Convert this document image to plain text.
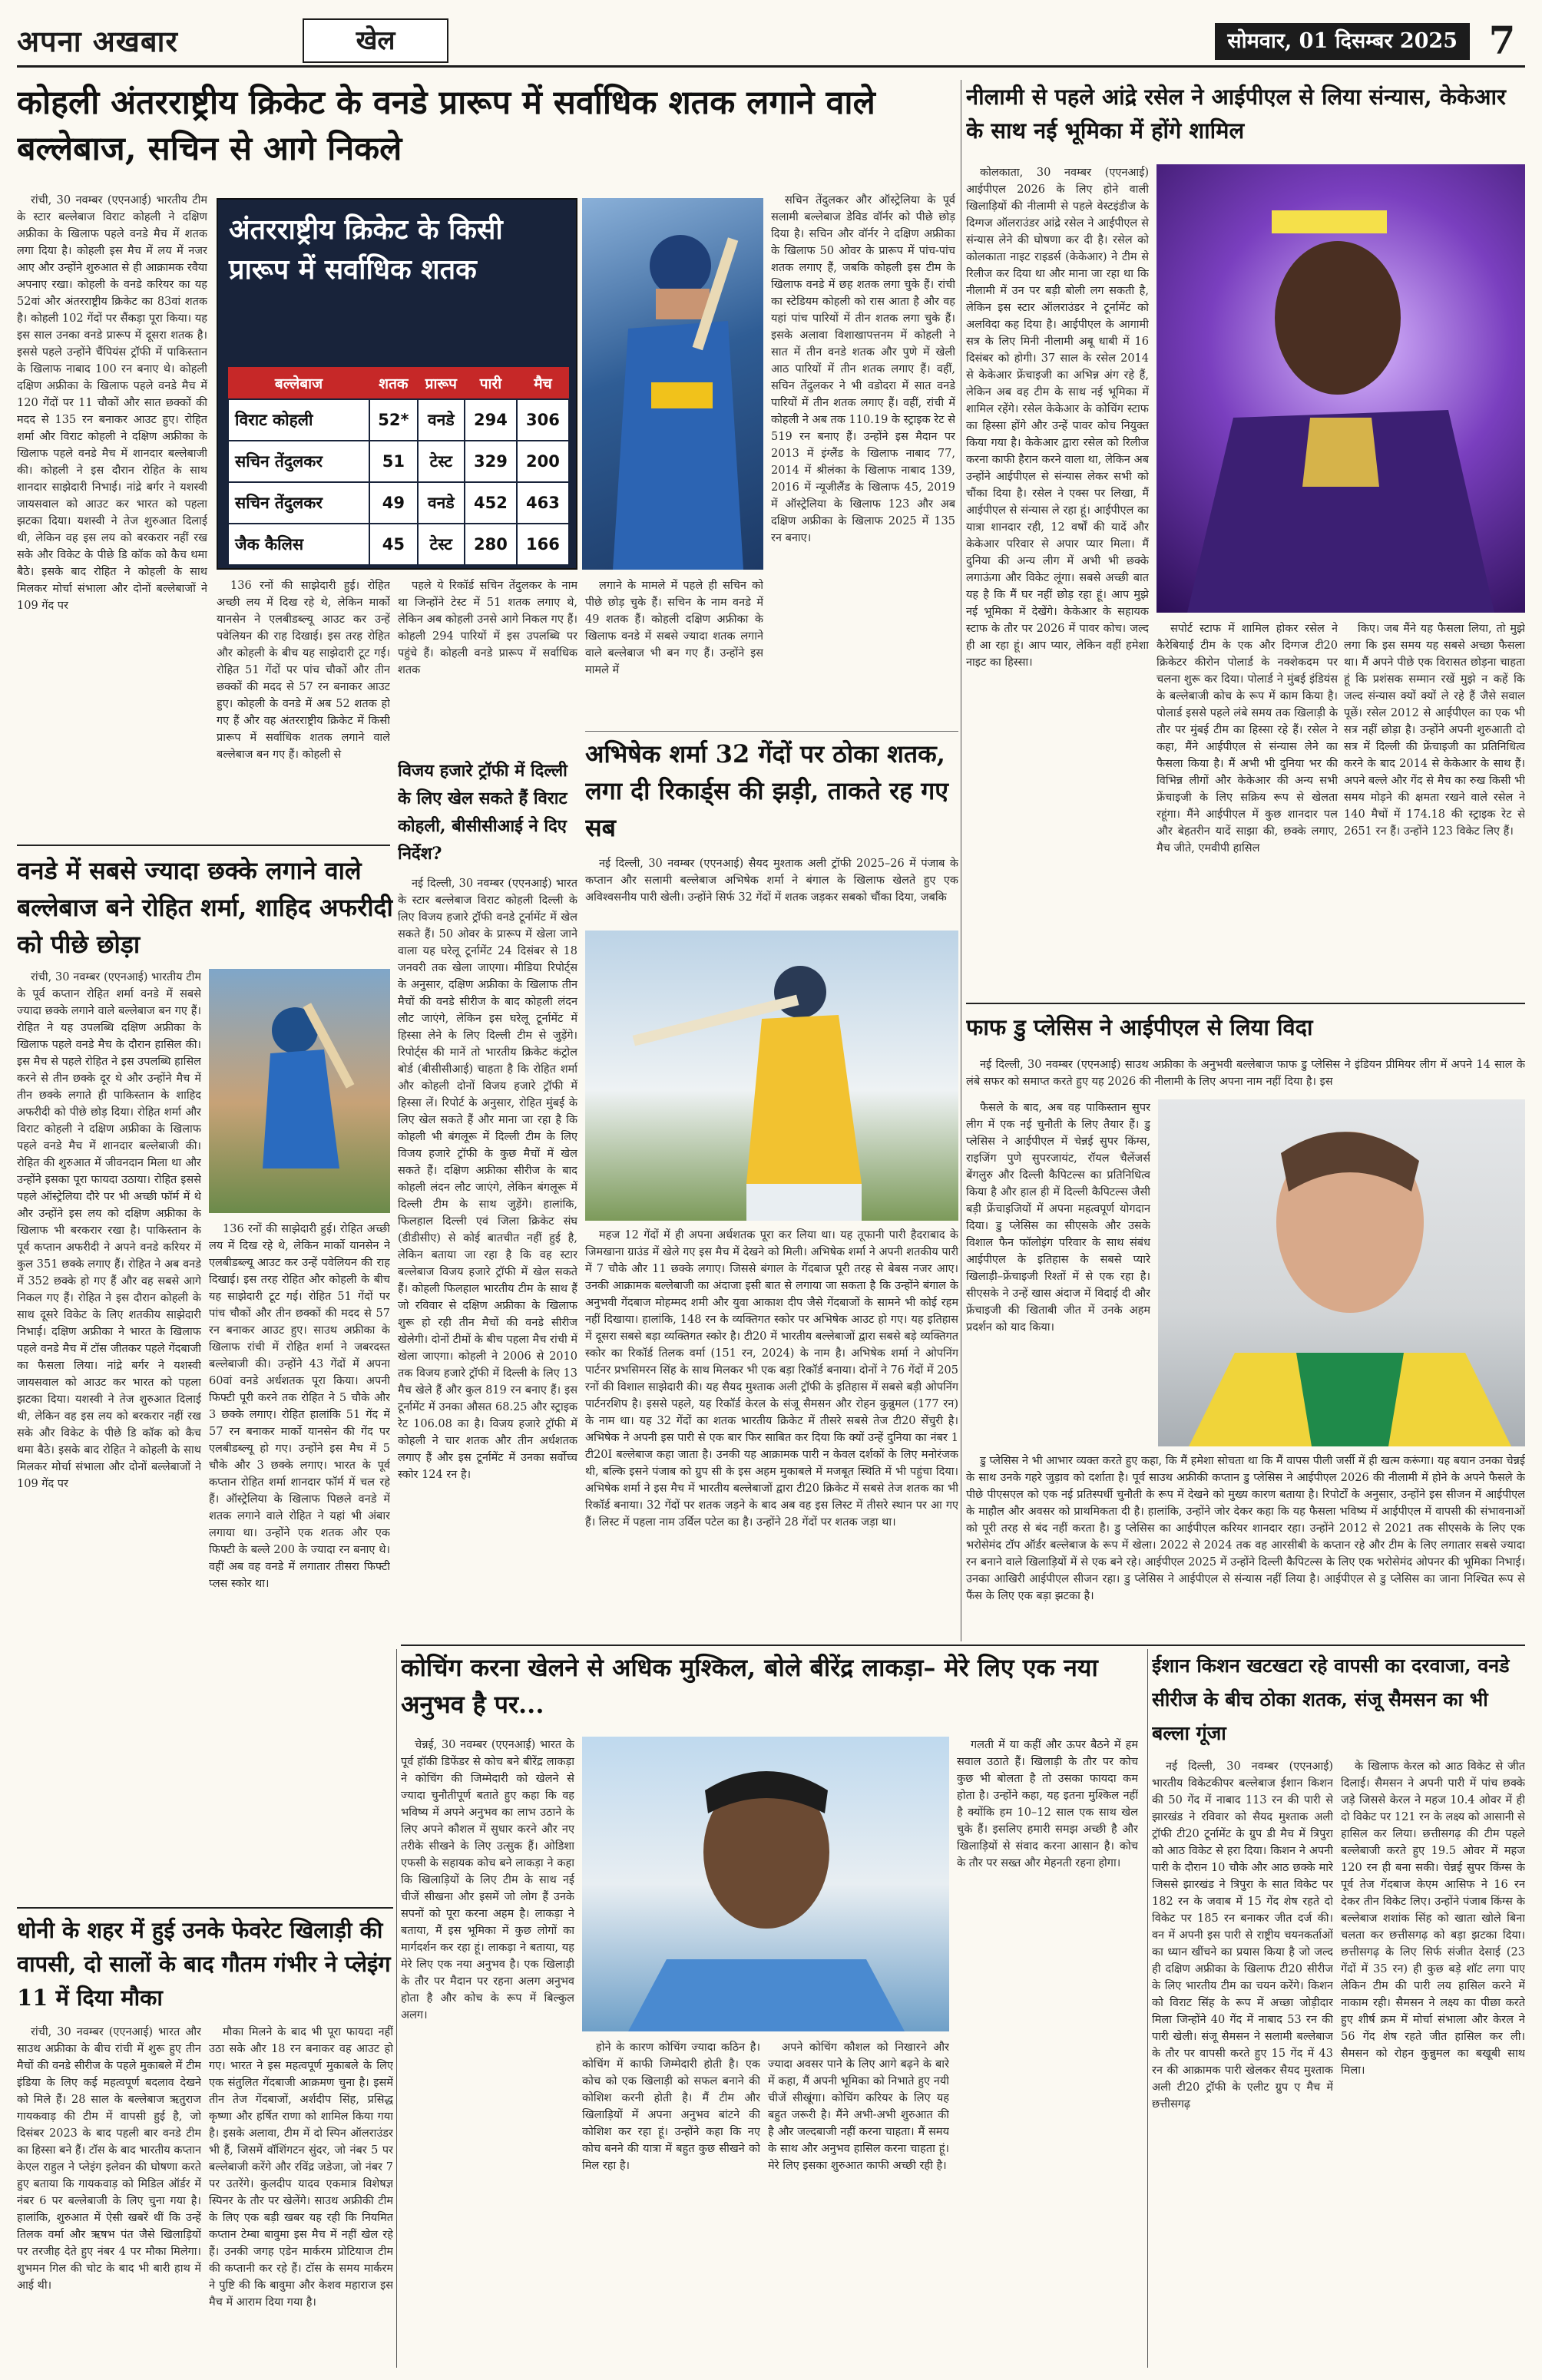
अपना अखबार	खेल	सोमवार, 01 दिसम्बर 2025 7
कोहली अंतरराष्ट्रीय क्रिकेट के वनडे प्रारूप में सर्वाधिक शतक लगाने वाले बल्लेबाज, सचिन से आगे निकले

रांची, 30 नवम्बर (एएनआई) भारतीय टीम के स्टार बल्लेबाज विराट कोहली ने दक्षिण अफ्रीका के खिलाफ पहले वनडे मैच में शतक लगा दिया है। कोहली इस मैच में लय में नजर आए और उन्होंने शुरुआत से ही आक्रामक रवैया अपनाए रखा। कोहली के वनडे करियर का यह 52वां और अंतरराष्ट्रीय क्रिकेट का 83वां शतक है। कोहली 102 गेंदों पर सैंकड़ा पूरा किया। यह इस साल उनका वनडे प्रारूप में दूसरा शतक है। इससे पहले उन्होंने चैंपियंस ट्रॉफी में पाकिस्तान के खिलाफ नाबाद 100 रन बनाए थे। कोहली दक्षिण अफ्रीका के खिलाफ पहले वनडे मैच में 120 गेंदों पर 11 चौकों और सात छक्कों की मदद से 135 रन बनाकर आउट हुए। रोहित शर्मा और विराट कोहली ने दक्षिण अफ्रीका के खिलाफ पहले वनडे मैच में शानदार बल्लेबाजी की। कोहली ने इस दौरान रोहित के साथ शानदार साझेदारी निभाई। नांद्रे बर्गर ने यशस्वी जायसवाल को आउट कर भारत को पहला झटका दिया। यशस्वी ने तेज शुरुआत दिलाई थी, लेकिन वह इस लय को बरकरार नहीं रख सके और विकेट के पीछे डि कॉक को कैच थमा बैठे। इसके बाद रोहित ने कोहली के साथ मिलकर मोर्चा संभाला और दोनों बल्लेबाजों ने 109 गेंद पर

अंतरराष्ट्रीय क्रिकेट के किसी प्रारूप में सर्वाधिक शतक
बल्लेबाज	शतक	प्रारूप	पारी	मैच
विराट कोहली	52*	वनडे	294	306
सचिन तेंदुलकर	51	टेस्ट	329	200
सचिन तेंदुलकर	49	वनडे	452	463
जैक कैलिस	45	टेस्ट	280	166

सचिन तेंदुलकर और ऑस्ट्रेलिया के पूर्व सलामी बल्लेबाज डेविड वॉर्नर को पीछे छोड़ दिया है। सचिन और वॉर्नर ने दक्षिण अफ्रीका के खिलाफ 50 ओवर के प्रारूप में पांच-पांच शतक लगाए हैं, जबकि कोहली इस टीम के खिलाफ वनडे में छह शतक लगा चुके हैं। रांची का स्टेडियम कोहली को रास आता है और वह यहां पांच पारियों में तीन शतक लगा चुके हैं। इसके अलावा विशाखापत्तनम में कोहली ने सात में तीन वनडे शतक और पुणे में खेली आठ पारियों में तीन शतक लगाए हैं। वहीं, सचिन तेंदुलकर ने भी वडोदरा में सात वनडे पारियों में तीन शतक लगाए हैं। वहीं, रांची में कोहली ने अब तक 110.19 के स्ट्राइक रेट से 519 रन बनाए हैं। उन्होंने इस मैदान पर 2013 में इंग्लैंड के खिलाफ नाबाद 77, 2014 में श्रीलंका के खिलाफ नाबाद 139, 2016 में न्यूजीलैंड के खिलाफ 45, 2019 में ऑस्ट्रेलिया के खिलाफ 123 और अब दक्षिण अफ्रीका के खिलाफ 2025 में 135 रन बनाए।

136 रनों की साझेदारी हुई। रोहित अच्छी लय में दिख रहे थे, लेकिन मार्को यानसेन ने एलबीडब्ल्यू आउट कर उन्हें पवेलियन की राह दिखाई। इस तरह रोहित और कोहली के बीच यह साझेदारी टूट गई। रोहित 51 गेंदों पर पांच चौकों और तीन छक्कों की मदद से 57 रन बनाकर आउट हुए। कोहली के वनडे में अब 52 शतक हो गए हैं और वह अंतरराष्ट्रीय क्रिकेट में किसी प्रारूप में सर्वाधिक शतक लगाने वाले बल्लेबाज बन गए हैं। कोहली से

पहले ये रिकॉर्ड सचिन तेंदुलकर के नाम था जिन्होंने टेस्ट में 51 शतक लगाए थे, लेकिन अब कोहली उनसे आगे निकल गए हैं। कोहली 294 पारियों में इस उपलब्धि पर पहुंचे हैं। कोहली वनडे प्रारूप में सर्वाधिक शतक

लगाने के मामले में पहले ही सचिन को पीछे छोड़ चुके हैं। सचिन के नाम वनडे में 49 शतक हैं। कोहली दक्षिण अफ्रीका के खिलाफ वनडे में सबसे ज्यादा शतक लगाने वाले बल्लेबाज भी बन गए हैं। उन्होंने इस मामले में

वनडे में सबसे ज्यादा छक्के लगाने वाले बल्लेबाज बने रोहित शर्मा, शाहिद अफरीदी को पीछे छोड़ा

रांची, 30 नवम्बर (एएनआई) भारतीय टीम के पूर्व कप्तान रोहित शर्मा वनडे में सबसे ज्यादा छक्के लगाने वाले बल्लेबाज बन गए हैं। रोहित ने यह उपलब्धि दक्षिण अफ्रीका के खिलाफ पहले वनडे मैच के दौरान हासिल की। इस मैच से पहले रोहित ने इस उपलब्धि हासिल करने से तीन छक्के दूर थे और उन्होंने मैच में तीन छक्के लगाते ही पाकिस्तान के शाहिद अफरीदी को पीछे छोड़ दिया। रोहित शर्मा और विराट कोहली ने दक्षिण अफ्रीका के खिलाफ पहले वनडे मैच में शानदार बल्लेबाजी की। रोहित की शुरुआत में जीवनदान मिला था और उन्होंने इसका पूरा फायदा उठाया। रोहित इससे पहले ऑस्ट्रेलिया दौरे पर भी अच्छी फॉर्म में थे और उन्होंने इस लय को दक्षिण अफ्रीका के खिलाफ भी बरकरार रखा है। पाकिस्तान के पूर्व कप्तान अफरीदी ने अपने वनडे करियर में कुल 351 छक्के लगाए हैं। रोहित ने अब वनडे में 352 छक्के हो गए हैं और वह सबसे आगे निकल गए हैं। रोहित ने इस दौरान कोहली के साथ दूसरे विकेट के लिए शतकीय साझेदारी निभाई। दक्षिण अफ्रीका ने भारत के खिलाफ पहले वनडे मैच में टॉस जीतकर पहले गेंदबाजी का फैसला लिया। नांद्रे बर्गर ने यशस्वी जायसवाल को आउट कर भारत को पहला झटका दिया। यशस्वी ने तेज शुरुआत दिलाई थी, लेकिन वह इस लय को बरकरार नहीं रख सके और विकेट के पीछे डि कॉक को कैच थमा बैठे। इसके बाद रोहित ने कोहली के साथ मिलकर मोर्चा संभाला और दोनों बल्लेबाजों ने 109 गेंद पर

136 रनों की साझेदारी हुई। रोहित अच्छी लय में दिख रहे थे, लेकिन मार्को यानसेन ने एलबीडब्ल्यू आउट कर उन्हें पवेलियन की राह दिखाई। इस तरह रोहित और कोहली के बीच यह साझेदारी टूट गई। रोहित 51 गेंदों पर पांच चौकों और तीन छक्कों की मदद से 57 रन बनाकर आउट हुए। साउथ अफ्रीका के खिलाफ रांची में रोहित शर्मा ने जबरदस्त बल्लेबाजी की। उन्होंने 43 गेंदों में अपना 60वां वनडे अर्धशतक पूरा किया। अपनी फिफ्टी पूरी करने तक रोहित ने 5 चौके और 3 छक्के लगाए। रोहित हालांकि 51 गेंद में 57 रन बनाकर मार्को यानसेन की गेंद पर एलबीडब्ल्यू हो गए। उन्होंने इस मैच में 5 चौके और 3 छक्के लगाए। भारत के पूर्व कप्तान रोहित शर्मा शानदार फॉर्म में चल रहे हैं। ऑस्ट्रेलिया के खिलाफ पिछले वनडे में शतक लगाने वाले रोहित ने यहां भी अंबार लगाया था। उन्होंने एक शतक और एक फिफ्टी के बल्ले 200 के ज्यादा रन बनाए थे। वहीं अब वह वनडे में लगातार तीसरा फिफ्टी प्लस स्कोर था।

विजय हजारे ट्रॉफी में दिल्ली के लिए खेल सकते हैं विराट कोहली, बीसीसीआई ने दिए निर्देश?

नई दिल्ली, 30 नवम्बर (एएनआई) भारत के स्टार बल्लेबाज विराट कोहली दिल्ली के लिए विजय हजारे ट्रॉफी वनडे टूर्नामेंट में खेल सकते हैं। 50 ओवर के प्रारूप में खेला जाने वाला यह घरेलू टूर्नामेंट 24 दिसंबर से 18 जनवरी तक खेला जाएगा। मीडिया रिपोर्ट्स के अनुसार, दक्षिण अफ्रीका के खिलाफ तीन मैचों की वनडे सीरीज के बाद कोहली लंदन लौट जाएंगे, लेकिन इस घरेलू टूर्नामेंट में हिस्सा लेने के लिए दिल्ली टीम से जुड़ेंगे। रिपोर्ट्स की मानें तो भारतीय क्रिकेट कंट्रोल बोर्ड (बीसीसीआई) चाहता है कि रोहित शर्मा और कोहली दोनों विजय हजारे ट्रॉफी में हिस्सा लें। रिपोर्ट के अनुसार, रोहित मुंबई के लिए खेल सकते हैं और माना जा रहा है कि कोहली भी बंगलूरू में दिल्ली टीम के लिए विजय हजारे ट्रॉफी के कुछ मैचों में खेल सकते हैं। दक्षिण अफ्रीका सीरीज के बाद कोहली लंदन लौट जाएंगे, लेकिन बंगलूरू में दिल्ली टीम के साथ जुड़ेंगे। हालांकि, फिलहाल दिल्ली एवं जिला क्रिकेट संघ (डीडीसीए) से कोई बातचीत नहीं हुई है, लेकिन बताया जा रहा है कि वह स्टार बल्लेबाज विजय हजारे ट्रॉफी में खेल सकते हैं। कोहली फिलहाल भारतीय टीम के साथ हैं जो रविवार से दक्षिण अफ्रीका के खिलाफ शुरू हो रही तीन मैचों की वनडे सीरीज खेलेगी। दोनों टीमों के बीच पहला मैच रांची में खेला जाएगा। कोहली ने 2006 से 2010 तक विजय हजारे ट्रॉफी में दिल्ली के लिए 13 मैच खेले हैं और कुल 819 रन बनाए हैं। इस टूर्नामेंट में उनका औसत 68.25 और स्ट्राइक रेट 106.08 का है। विजय हजारे ट्रॉफी में कोहली ने चार शतक और तीन अर्धशतक लगाए हैं और इस टूर्नामेंट में उनका सर्वोच्च स्कोर 124 रन है।

अभिषेक शर्मा 32 गेंदों पर ठोका शतक, लगा दी रिकार्ड्स की झड़ी, ताकते रह गए सब

नई दिल्ली, 30 नवम्बर (एएनआई) सैयद मुश्ताक अली ट्रॉफी 2025–26 में पंजाब के कप्तान और सलामी बल्लेबाज अभिषेक शर्मा ने बंगाल के खिलाफ खेलते हुए एक अविश्वसनीय पारी खेली। उन्होंने सिर्फ 32 गेंदों में शतक जड़कर सबको चौंका दिया, जबकि

महज 12 गेंदों में ही अपना अर्धशतक पूरा कर लिया था। यह तूफानी पारी हैदराबाद के जिमखाना ग्राउंड में खेले गए इस मैच में देखने को मिली। अभिषेक शर्मा ने अपनी शतकीय पारी में 7 चौके और 11 छक्के लगाए। जिससे बंगाल के गेंदबाज पूरी तरह से बेबस नजर आए। उनकी आक्रामक बल्लेबाजी का अंदाजा इसी बात से लगाया जा सकता है कि उन्होंने बंगाल के अनुभवी गेंदबाज मोहम्मद शमी और युवा आकाश दीप जैसे गेंदबाजों के सामने भी कोई रहम नहीं दिखाया। हालांकि, 148 रन के व्यक्तिगत स्कोर पर अभिषेक आउट हो गए। यह इतिहास में दूसरा सबसे बड़ा व्यक्तिगत स्कोर है। टी20 में भारतीय बल्लेबाजों द्वारा सबसे बड़े व्यक्तिगत स्कोर का रिकॉर्ड तिलक वर्मा (151 रन, 2024) के नाम है। अभिषेक शर्मा ने ओपनिंग पार्टनर प्रभसिमरन सिंह के साथ मिलकर भी एक बड़ा रिकॉर्ड बनाया। दोनों ने 76 गेंदों में 205 रनों की विशाल साझेदारी की। यह सैयद मुश्ताक अली ट्रॉफी के इतिहास में सबसे बड़ी ओपनिंग पार्टनरशिप है। इससे पहले, यह रिकॉर्ड केरल के संजू सैमसन और रोहन कुन्नुमल (177 रन) के नाम था। यह 32 गेंदों का शतक भारतीय क्रिकेट में तीसरे सबसे तेज टी20 सेंचुरी है। अभिषेक ने अपनी इस पारी से एक बार फिर साबित कर दिया कि क्यों उन्हें दुनिया का नंबर 1 टी20I बल्लेबाज कहा जाता है। उनकी यह आक्रामक पारी न केवल दर्शकों के लिए मनोरंजक थी, बल्कि इसने पंजाब को ग्रुप सी के इस अहम मुकाबले में मजबूत स्थिति में भी पहुंचा दिया। अभिषेक शर्मा ने इस मैच में भारतीय बल्लेबाजों द्वारा टी20 क्रिकेट में सबसे तेज शतक का भी रिकॉर्ड बनाया। 32 गेंदों पर शतक जड़ने के बाद अब वह इस लिस्ट में तीसरे स्थान पर आ गए हैं। लिस्ट में पहला नाम उर्विल पटेल का है। उन्होंने 28 गेंदों पर शतक जड़ा था।

नीलामी से पहले आंद्रे रसेल ने आईपीएल से लिया संन्यास, केकेआर के साथ नई भूमिका में होंगे शामिल

कोलकाता, 30 नवम्बर (एएनआई) आईपीएल 2026 के लिए होने वाली खिलाड़ियों की नीलामी से पहले वेस्टइंडीज के दिग्गज ऑलराउंडर आंद्रे रसेल ने आईपीएल से संन्यास लेने की घोषणा कर दी है। रसेल को कोलकाता नाइट राइडर्स (केकेआर) ने टीम से रिलीज कर दिया था और माना जा रहा था कि नीलामी में उन पर बड़ी बोली लग सकती है, लेकिन इस स्टार ऑलराउंडर ने टूर्नामेंट को अलविदा कह दिया है। आईपीएल के आगामी सत्र के लिए मिनी नीलामी अबू धाबी में 16 दिसंबर को होगी। 37 साल के रसेल 2014 से केकेआर फ्रेंचाइजी का अभिन्न अंग रहे हैं, लेकिन अब वह टीम के साथ नई भूमिका में शामिल रहेंगे। रसेल केकेआर के कोचिंग स्टाफ का हिस्सा होंगे और उन्हें पावर कोच नियुक्त किया गया है। केकेआर द्वारा रसेल को रिलीज करना काफी हैरान करने वाला था, लेकिन अब उन्होंने आईपीएल से संन्यास लेकर सभी को चौंका दिया है। रसेल ने एक्स पर लिखा, मैं आईपीएल से संन्यास ले रहा हूं। आईपीएल का यात्रा शानदार रही, 12 वर्षों की यादें और केकेआर परिवार से अपार प्यार मिला। मैं दुनिया की अन्य लीग में अभी भी छक्के लगाऊंगा और विकेट लूंगा। सबसे अच्छी बात यह है कि मैं घर नहीं छोड़ रहा हूं। आप मुझे नई भूमिका में देखेंगे। केकेआर के सहायक स्टाफ के तौर पर 2026 में पावर कोच। जल्द ही आ रहा हूं। आप प्यार, लेकिन वहीं हमेशा नाइट का हिस्सा।

सपोर्ट स्टाफ में शामिल होकर रसेल ने कैरेबियाई टीम के एक और दिग्गज टी20 क्रिकेटर कीरोन पोलार्ड के नक्शेकदम पर चलना शुरू कर दिया। पोलार्ड ने मुंबई इंडियंस के बल्लेबाजी कोच के रूप में काम किया है। पोलार्ड इससे पहले लंबे समय तक खिलाड़ी के तौर पर मुंबई टीम का हिस्सा रहे हैं। रसेल ने कहा, मैंने आईपीएल से संन्यास लेने का फैसला किया है। मैं अभी भी दुनिया भर की विभिन्न लीगों और केकेआर की अन्य सभी फ्रेंचाइजी के लिए सक्रिय रूप से खेलता रहूंगा। मैंने आईपीएल में कुछ शानदार पल और बेहतरीन यादें साझा की, छक्के लगाए, मैच जीते, एमवीपी हासिल

किए। जब मैंने यह फैसला लिया, तो मुझे लगा कि इस समय यह सबसे अच्छा फैसला था। मैं अपने पीछे एक विरासत छोड़ना चाहता हूं कि प्रशंसक सम्मान रखें मुझे न कहें कि जल्द संन्यास क्यों क्यों ले रहे हैं जैसे सवाल पूछें। रसेल 2012 से आईपीएल का एक भी सत्र नहीं छोड़ा है। उन्होंने अपनी शुरुआती दो सत्र में दिल्ली की फ्रेंचाइजी का प्रतिनिधित्व करने के बाद 2014 से केकेआर के साथ हैं। अपने बल्ले और गेंद से मैच का रुख किसी भी समय मोड़ने की क्षमता रखने वाले रसेल ने 140 मैचों में 174.18 की स्ट्राइक रेट से 2651 रन हैं। उन्होंने 123 विकेट लिए हैं।

फाफ डु प्लेसिस ने आईपीएल से लिया विदा

नई दिल्ली, 30 नवम्बर (एएनआई) साउथ अफ्रीका के अनुभवी बल्लेबाज फाफ डु प्लेसिस ने इंडियन प्रीमियर लीग में अपने 14 साल के लंबे सफर को समाप्त करते हुए यह 2026 की नीलामी के लिए अपना नाम नहीं दिया है। इस

फैसले के बाद, अब वह पाकिस्तान सुपर लीग में एक नई चुनौती के लिए तैयार हैं। डु प्लेसिस ने आईपीएल में चेन्नई सुपर किंग्स, राइजिंग पुणे सुपरजायंट, रॉयल चैलेंजर्स बेंगलुरु और दिल्ली कैपिटल्स का प्रतिनिधित्व किया है और हाल ही में दिल्ली कैपिटल्स जैसी बड़ी फ्रेंचाइजियों में अपना महत्वपूर्ण योगदान दिया। डु प्लेसिस का सीएसके और उसके विशाल फैन फॉलोइंग परिवार के साथ संबंध आईपीएल के इतिहास के सबसे प्यारे खिलाड़ी–फ्रेंचाइजी रिश्तों में से एक रहा है। सीएसके ने उन्हें खास अंदाज में विदाई दी और फ्रेंचाइजी की खिताबी जीत में उनके अहम प्रदर्शन को याद किया।

डु प्लेसिस ने भी आभार व्यक्त करते हुए कहा, कि मैं हमेशा सोचता था कि मैं वापस पीली जर्सी में ही खत्म करूंगा। यह बयान उनका चेन्नई के साथ उनके गहरे जुड़ाव को दर्शाता है। पूर्व साउथ अफ्रीकी कप्तान डु प्लेसिस ने आईपीएल 2026 की नीलामी में होने के अपने फैसले के पीछे पीएसएल को एक नई प्रतिस्पर्धी चुनौती के रूप में देखने को मुख्य कारण बताया है। रिपोर्टों के अनुसार, उन्होंने इस सीजन में आईपीएल के माहौल और अवसर को प्राथमिकता दी है। हालांकि, उन्होंने जोर देकर कहा कि यह फैसला भविष्य में आईपीएल में वापसी की संभावनाओं को पूरी तरह से बंद नहीं करता है। डु प्लेसिस का आईपीएल करियर शानदार रहा। उन्होंने 2012 से 2021 तक सीएसके के लिए एक भरोसेमंद टॉप ऑर्डर बल्लेबाज के रूप में खेला। 2022 से 2024 तक वह आरसीबी के कप्तान रहे और टीम के लिए लगातार सबसे ज्यादा रन बनाने वाले खिलाड़ियों में से एक बने रहे। आईपीएल 2025 में उन्होंने दिल्ली कैपिटल्स के लिए एक भरोसेमंद ओपनर की भूमिका निभाई। उनका आखिरी आईपीएल सीजन रहा। डु प्लेसिस ने आईपीएल से संन्यास नहीं लिया है। आईपीएल से डु प्लेसिस का जाना निश्चित रूप से फैंस के लिए एक बड़ा झटका है।

धोनी के शहर में हुई उनके फेवरेट खिलाड़ी की वापसी, दो सालों के बाद गौतम गंभीर ने प्लेइंग 11 में दिया मौका

रांची, 30 नवम्बर (एएनआई) भारत और साउथ अफ्रीका के बीच रांची में शुरू हुए तीन मैचों की वनडे सीरीज के पहले मुकाबले में टीम इंडिया के लिए कई महत्वपूर्ण बदलाव देखने को मिले हैं। 28 साल के बल्लेबाज ऋतुराज गायकवाड़ की टीम में वापसी हुई है, जो दिसंबर 2023 के बाद पहली बार वनडे टीम का हिस्सा बने हैं। टॉस के बाद भारतीय कप्तान केएल राहुल ने प्लेइंग इलेवन की घोषणा करते हुए बताया कि गायकवाड़ को मिडिल ऑर्डर में नंबर 6 पर बल्लेबाजी के लिए चुना गया है। हालांकि, शुरुआत में ऐसी खबरें थीं कि उन्हें तिलक वर्मा और ऋषभ पंत जैसे खिलाड़ियों पर तरजीह देते हुए नंबर 4 पर मौका मिलेगा। शुभमन गिल की चोट के बाद भी बारी हाथ में आई थी।

मौका मिलने के बाद भी पूरा फायदा नहीं उठा सके और 18 रन बनाकर वह आउट हो गए। भारत ने इस महत्वपूर्ण मुकाबले के लिए एक संतुलित गेंदबाजी आक्रमण चुना है। इसमें तीन तेज गेंदबाजों, अर्शदीप सिंह, प्रसिद्ध कृष्णा और हर्षित राणा को शामिल किया गया है। इसके अलावा, टीम में दो स्पिन ऑलराउंडर भी हैं, जिसमें वॉशिंगटन सुंदर, जो नंबर 5 पर बल्लेबाजी करेंगे और रविंद्र जडेजा, जो नंबर 7 पर उतरेंगे। कुलदीप यादव एकमात्र विशेषज्ञ स्पिनर के तौर पर खेलेंगे। साउथ अफ्रीकी टीम के लिए एक बड़ी खबर यह रही कि नियमित कप्तान टेम्बा बावुमा इस मैच में नहीं खेल रहे हैं। उनकी जगह एडेन मार्करम प्रोटियाज टीम की कप्तानी कर रहे हैं। टॉस के समय मार्करम ने पुष्टि की कि बावुमा और केशव महाराज इस मैच में आराम दिया गया है।

कोचिंग करना खेलने से अधिक मुश्किल, बोले बीरेंद्र लाकड़ा– मेरे लिए एक नया अनुभव है पर...

चेन्नई, 30 नवम्बर (एएनआई) भारत के पूर्व हॉकी डिफेंडर से कोच बने बीरेंद्र लाकड़ा ने कोचिंग की जिम्मेदारी को खेलने से ज्यादा चुनौतीपूर्ण बताते हुए कहा कि वह भविष्य में अपने अनुभव का लाभ उठाने के लिए अपने कौशल में सुधार करने और नए तरीके सीखने के लिए उत्सुक हैं। ओडिशा एफसी के सहायक कोच बने लाकड़ा ने कहा कि खिलाड़ियों के लिए टीम के साथ नई चीजें सीखना और इसमें जो लोग हैं उनके सपनों को पूरा करना अहम है। लाकड़ा ने बताया, मैं इस भूमिका में कुछ लोगों का मार्गदर्शन कर रहा हूं। लाकड़ा ने बताया, यह मेरे लिए एक नया अनुभव है। एक खिलाड़ी के तौर पर मैदान पर रहना अलग अनुभव होता है और कोच के रूप में बिल्कुल अलग।

होने के कारण कोचिंग ज्यादा कठिन है। कोचिंग में काफी जिम्मेदारी होती है। एक कोच को एक खिलाड़ी को सफल बनाने की कोशिश करनी होती है। मैं टीम और खिलाड़ियों में अपना अनुभव बांटने की कोशिश कर रहा हूं। उन्होंने कहा कि नए कोच बनने की यात्रा में बहुत कुछ सीखने को मिल रहा है।

अपने कोचिंग कौशल को निखारने और ज्यादा अवसर पाने के लिए आगे बढ़ने के बारे में कहा, मैं अपनी भूमिका को निभाते हुए नयी चीजें सीखूंगा। कोचिंग करियर के लिए यह बहुत जरूरी है। मैंने अभी-अभी शुरुआत की है और जल्दबाजी नहीं करना चाहता। मैं समय के साथ और अनुभव हासिल करना चाहता हूं। मेरे लिए इसका शुरुआत काफी अच्छी रही है।

गलती में या कहीं और ऊपर बैठने में हम सवाल उठाते हैं। खिलाड़ी के तौर पर कोच कुछ भी बोलता है तो उसका फायदा कम होता है। उन्होंने कहा, यह इतना मुश्किल नहीं है क्योंकि हम 10–12 साल एक साथ खेल चुके हैं। इसलिए हमारी समझ अच्छी है और खिलाड़ियों से संवाद करना आसान है। कोच के तौर पर सख्त और मेहनती रहना होगा।

ईशान किशन खटखटा रहे वापसी का दरवाजा, वनडे सीरीज के बीच ठोका शतक, संजू सैमसन का भी बल्ला गूंजा

नई दिल्ली, 30 नवम्बर (एएनआई) भारतीय विकेटकीपर बल्लेबाज ईशान किशन की 50 गेंद में नाबाद 113 रन की पारी से झारखंड ने रविवार को सैयद मुश्ताक अली ट्रॉफी टी20 टूर्नामेंट के ग्रुप डी मैच में त्रिपुरा को आठ विकेट से हरा दिया। किशन ने अपनी पारी के दौरान 10 चौके और आठ छक्के मारे जिससे झारखंड ने त्रिपुरा के सात विकेट पर 182 रन के जवाब में 15 गेंद शेष रहते दो विकेट पर 185 रन बनाकर जीत दर्ज की। वन में अपनी इस पारी से राष्ट्रीय चयनकर्ताओं का ध्यान खींचने का प्रयास किया है जो जल्द ही दक्षिण अफ्रीका के खिलाफ टी20 सीरीज के लिए भारतीय टीम का चयन करेंगे। किशन को विराट सिंह के रूप में अच्छा जोड़ीदार मिला जिन्होंने 40 गेंद में नाबाद 53 रन की पारी खेली। संजू सैमसन ने सलामी बल्लेबाज के तौर पर वापसी करते हुए 15 गेंद में 43 रन की आक्रामक पारी खेलकर सैयद मुश्ताक अली टी20 ट्रॉफी के एलीट ग्रुप ए मैच में छत्तीसगढ़

के खिलाफ केरल को आठ विकेट से जीत दिलाई। सैमसन ने अपनी पारी में पांच छक्के जड़े जिससे केरल ने महज 10.4 ओवर में ही दो विकेट पर 121 रन के लक्ष्य को आसानी से हासिल कर लिया। छत्तीसगढ़ की टीम पहले बल्लेबाजी करते हुए 19.5 ओवर में महज 120 रन ही बना सकी। चेन्नई सुपर किंग्स के पूर्व तेज गेंदबाज केएम आसिफ ने 16 रन देकर तीन विकेट लिए। उन्होंने पंजाब किंग्स के बल्लेबाज शशांक सिंह को खाता खोले बिना चलता कर छत्तीसगढ़ को बड़ा झटका दिया। छत्तीसगढ़ के लिए सिर्फ संजीत देसाई (23 गेंदों में 35 रन) ही कुछ बड़े शॉट लगा पाए लेकिन टीम की पारी लय हासिल करने में नाकाम रही। सैमसन ने लक्ष्य का पीछा करते हुए शीर्ष क्रम में मोर्चा संभाला और केरल ने 56 गेंद शेष रहते जीत हासिल कर ली। सैमसन को रोहन कुन्नुमल का बखूबी साथ मिला।
